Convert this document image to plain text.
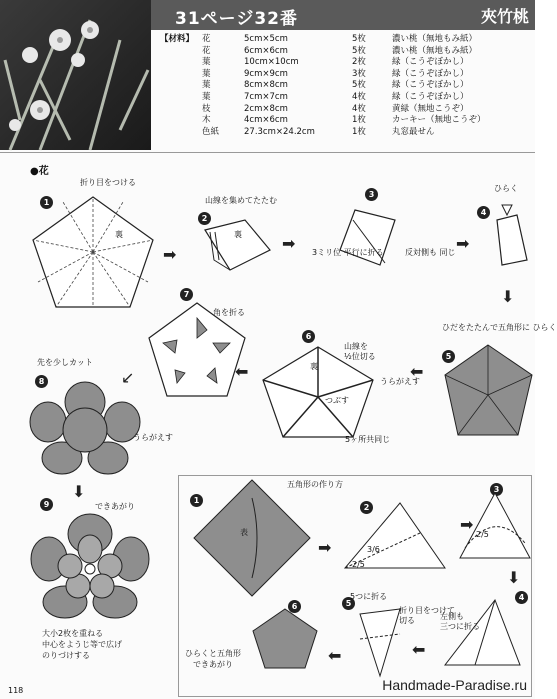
31ページ32番	夾竹桃
【材料】 花	5cm×5cm	5枚	濃い桃（無地もみ紙）
花	6cm×6cm	5枚	濃い桃（無地もみ紙）
葉	10cm×10cm	2枚	緑（こうぞぼかし）
葉	9cm×9cm	3枚	緑（こうぞぼかし）
葉	8cm×8cm	5枚	緑（こうぞぼかし）
葉	7cm×7cm	4枚	緑（こうぞぼかし）
枝	2cm×8cm	4枚	黄緑（無地こうぞ）
木	4cm×6cm	1枚	カーキー（無地こうぞ）
色紙	27.3cm×24.2cm	1枚	丸窓最せん
●花
1
折り目をつける
裏
➡
2
山線を集めてたたむ
裏	➡
3
3ミリ位 平行に折る	反対側も 同じ ➡
4
ひらく
⬇
ひだをたたんで五角形に ひらく
5
⬅
6
裏
山線を
½位切る
つぶす
5ヶ所共同じ
うらがえす
⬅
7
角を折る
↙
先を少しカット
8
うらがえす
⬇
9	できあがり
大小2枚を重ねる
中心をようじ等で広げ
のりづけする
五角形の作り方
1
表
➡
2
3/6
2/5
➡
3
2/5
⬇
4
左側も
三つに折る
⬅
5
5つに折る
折り目をつけて
切る
⬅
6
ひらくと五角形
できあがり
118	Handmade-Paradise.ru
